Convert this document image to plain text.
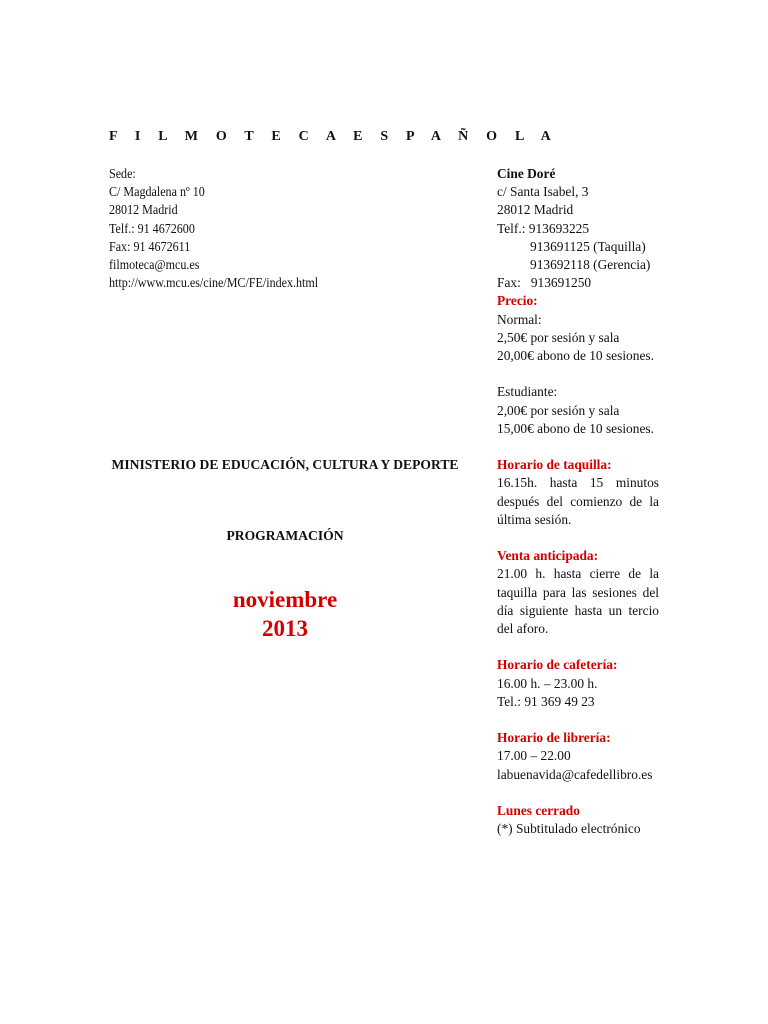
F I L M O T E C A E S P A Ñ O L A
Sede:
C/ Magdalena nº 10
28012 Madrid
Telf.: 91 4672600
Fax: 91 4672611
filmoteca@mcu.es
http://www.mcu.es/cine/MC/FE/index.html
Cine Doré
c/ Santa Isabel, 3
28012 Madrid
Telf.: 913693225
913691125 (Taquilla)
913692118 (Gerencia)
Fax:   913691250
Precio:
Normal:
2,50€ por sesión y sala
20,00€ abono de 10 sesiones.
Estudiante:
2,00€ por sesión y sala
15,00€ abono de 10 sesiones.
Horario de taquilla:
16.15h. hasta 15 minutos después del comienzo de la última sesión.
Venta anticipada:
21.00 h. hasta cierre de la taquilla para las sesiones del día siguiente hasta un tercio del aforo.
Horario de cafetería:
16.00 h. – 23.00 h.
Tel.: 91 369 49 23
Horario de librería:
17.00 – 22.00
labuenavida@cafedellibro.es
Lunes cerrado
(*) Subtitulado electrónico
MINISTERIO DE EDUCACIÓN, CULTURA Y DEPORTE
PROGRAMACIÓN
noviembre
2013
